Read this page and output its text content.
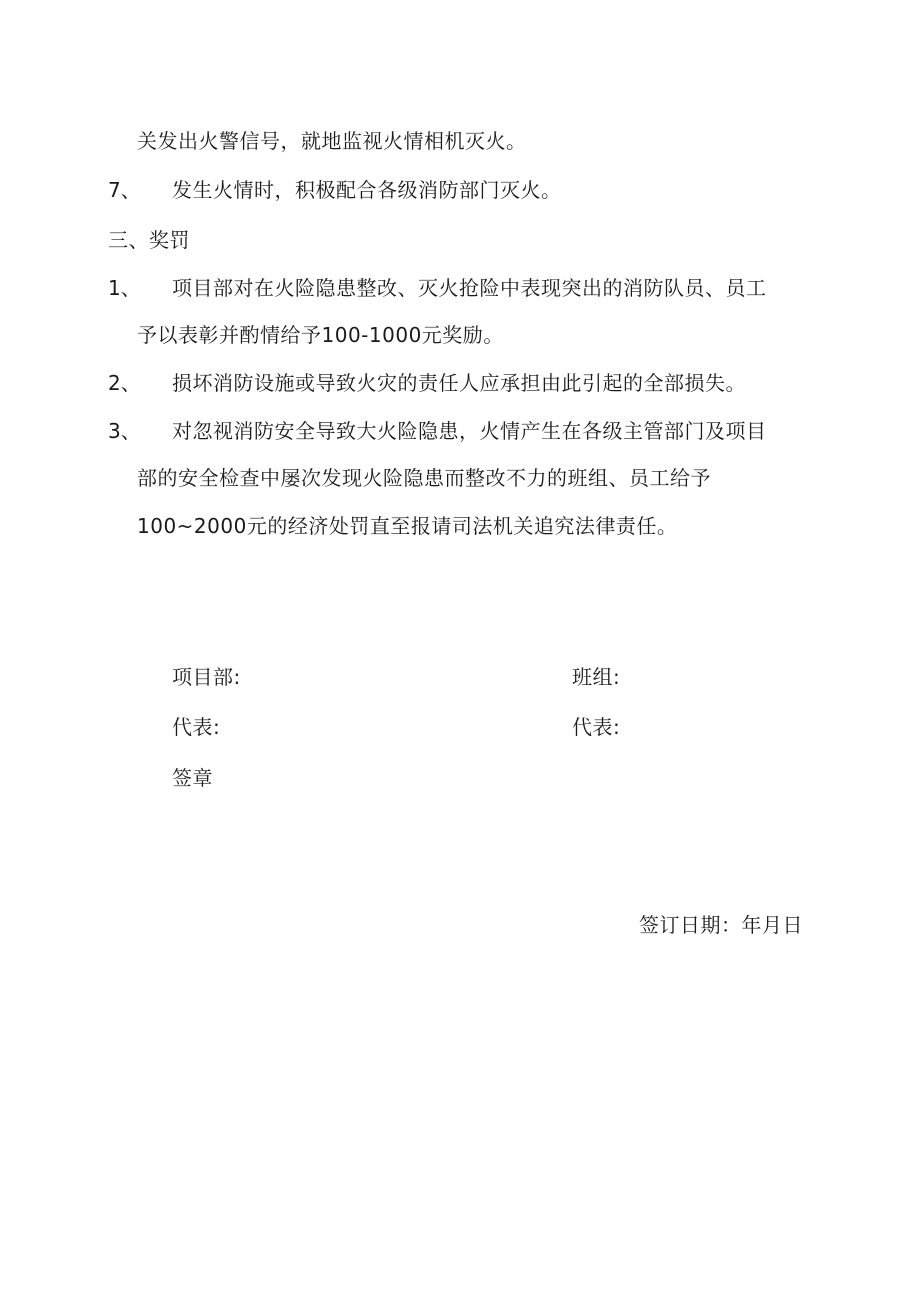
关发出火警信号，就地监视火情相机灭火。
7、 发生火情时，积极配合各级消防部门灭火。
三、奖罚
1、 项目部对在火险隐患整改、灭火抢险中表现突出的消防队员、员工
予以表彰并酌情给予100-1000元奖励。
2、 损坏消防设施或导致火灾的责任人应承担由此引起的全部损失。
3、 对忽视消防安全导致大火险隐患，火情产生在各级主管部门及项目
部的安全检查中屡次发现火险隐患而整改不力的班组、员工给予
100~2000元的经济处罚直至报请司法机关追究法律责任。
项目部:	班组:
代表:	代表:
签章
签订日期：年月日
